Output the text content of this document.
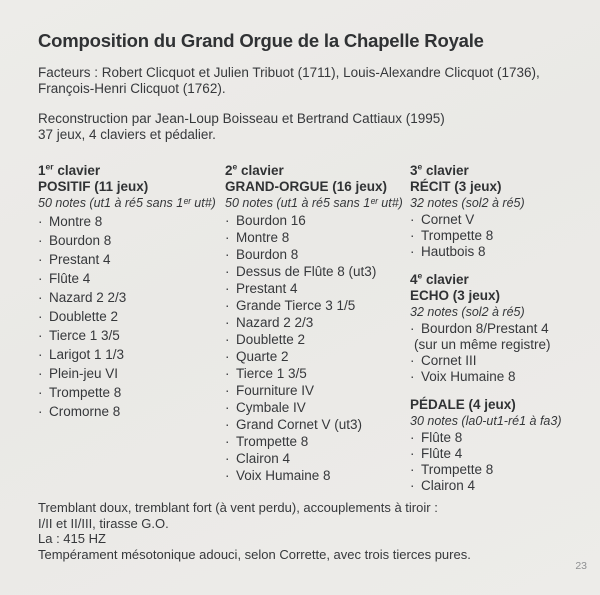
Composition du Grand Orgue de la Chapelle Royale

Facteurs : Robert Clicquot et Julien Tribuot (1711), Louis-Alexandre Clicquot (1736), François-Henri Clicquot (1762).

Reconstruction par Jean-Loup Boisseau et Bertrand Cattiaux (1995)
37 jeux, 4 claviers et pédalier.

1er clavier
POSITIF (11 jeux)
50 notes (ut1 à ré5 sans 1ᵉʳ ut#)
· Montre 8
· Bourdon 8
· Prestant 4
· Flûte 4
· Nazard 2 2/3
· Doublette 2
· Tierce 1 3/5
· Larigot 1 1/3
· Plein-jeu VI
· Trompette 8
· Cromorne 8
2e clavier
GRAND-ORGUE (16 jeux)
50 notes (ut1 à ré5 sans 1ᵉʳ ut#)
· Bourdon 16
· Montre 8
· Bourdon 8
· Dessus de Flûte 8 (ut3)
· Prestant 4
· Grande Tierce 3 1/5
· Nazard 2 2/3
· Doublette 2
· Quarte 2
· Tierce 1 3/5
· Fourniture IV
· Cymbale IV
· Grand Cornet V (ut3)
· Trompette 8
· Clairon 4
· Voix Humaine 8
3e clavier
RÉCIT (3 jeux)
32 notes (sol2 à ré5)
· Cornet V
· Trompette 8
· Hautbois 8
4e clavier
ECHO (3 jeux)
32 notes (sol2 à ré5)
· Bourdon 8/Prestant 4
(sur un même registre)
· Cornet III
· Voix Humaine 8
PÉDALE (4 jeux)
30 notes (la0-ut1-ré1 à fa3)
· Flûte 8
· Flûte 4
· Trompette 8
· Clairon 4
Tremblant doux, tremblant fort (à vent perdu), accouplements à tiroir :
I/II et II/III, tirasse G.O.
La : 415 HZ
Tempérament mésotonique adouci, selon Corrette, avec trois tierces pures.
23
